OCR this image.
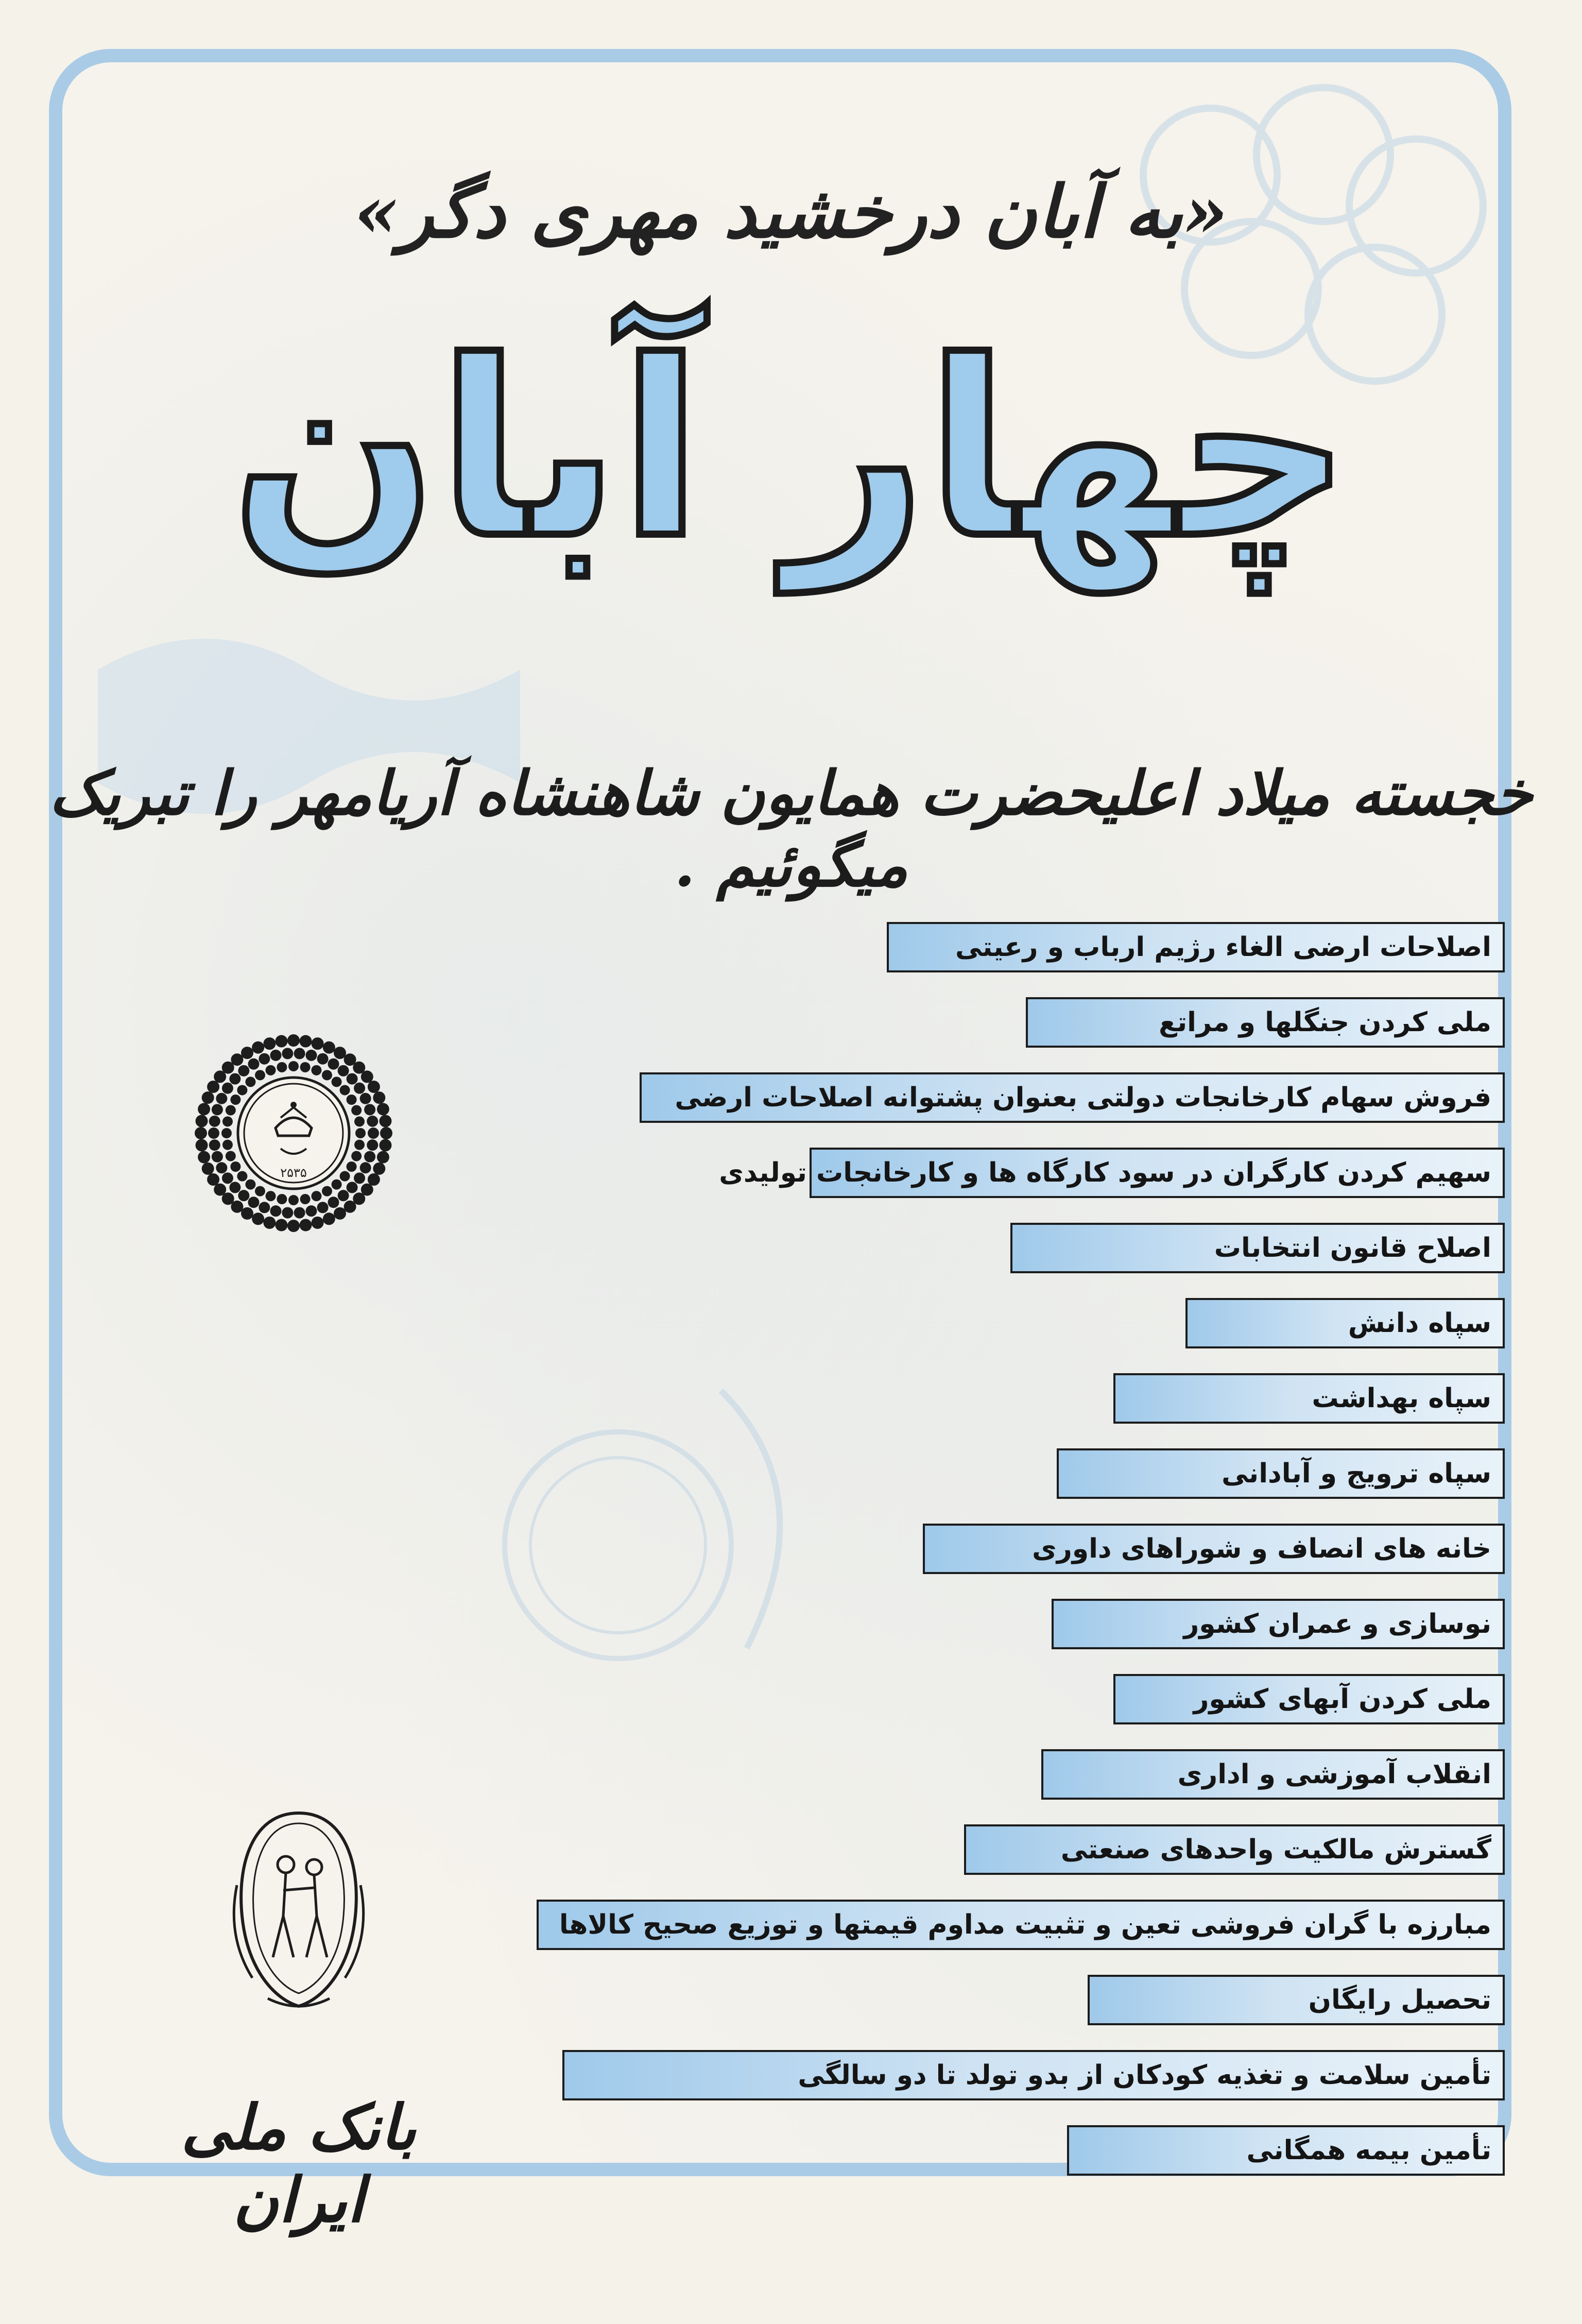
«به آبان درخشید مهری دگر»
چهار آبان
خجسته میلاد اعلیحضرت همایون شاهنشاه آریامهر را تبریک میگوئیم .
۲۵۳۵
اصلاحات ارضی الغاء رژیم ارباب و رعیتی
ملی کردن جنگلها و مراتع
فروش سهام کارخانجات دولتی بعنوان پشتوانه اصلاحات ارضی
سهیم کردن کارگران در سود کارگاه ها و کارخانجات تولیدی
اصلاح قانون انتخابات
سپاه دانش
سپاه بهداشت
سپاه ترویج و آبادانی
خانه های انصاف و شوراهای داوری
نوسازی و عمران کشور
ملی کردن آبهای کشور
انقلاب آموزشی و اداری
گسترش مالکیت واحدهای صنعتی
مبارزه با گران فروشی تعین و تثبیت مداوم قیمتها و توزیع صحیح کالاها
تحصیل رایگان
تأمین سلامت و تغذیه کودکان از بدو تولد تا دو سالگی
تأمین بیمه همگانی
بانک ملی ایران
